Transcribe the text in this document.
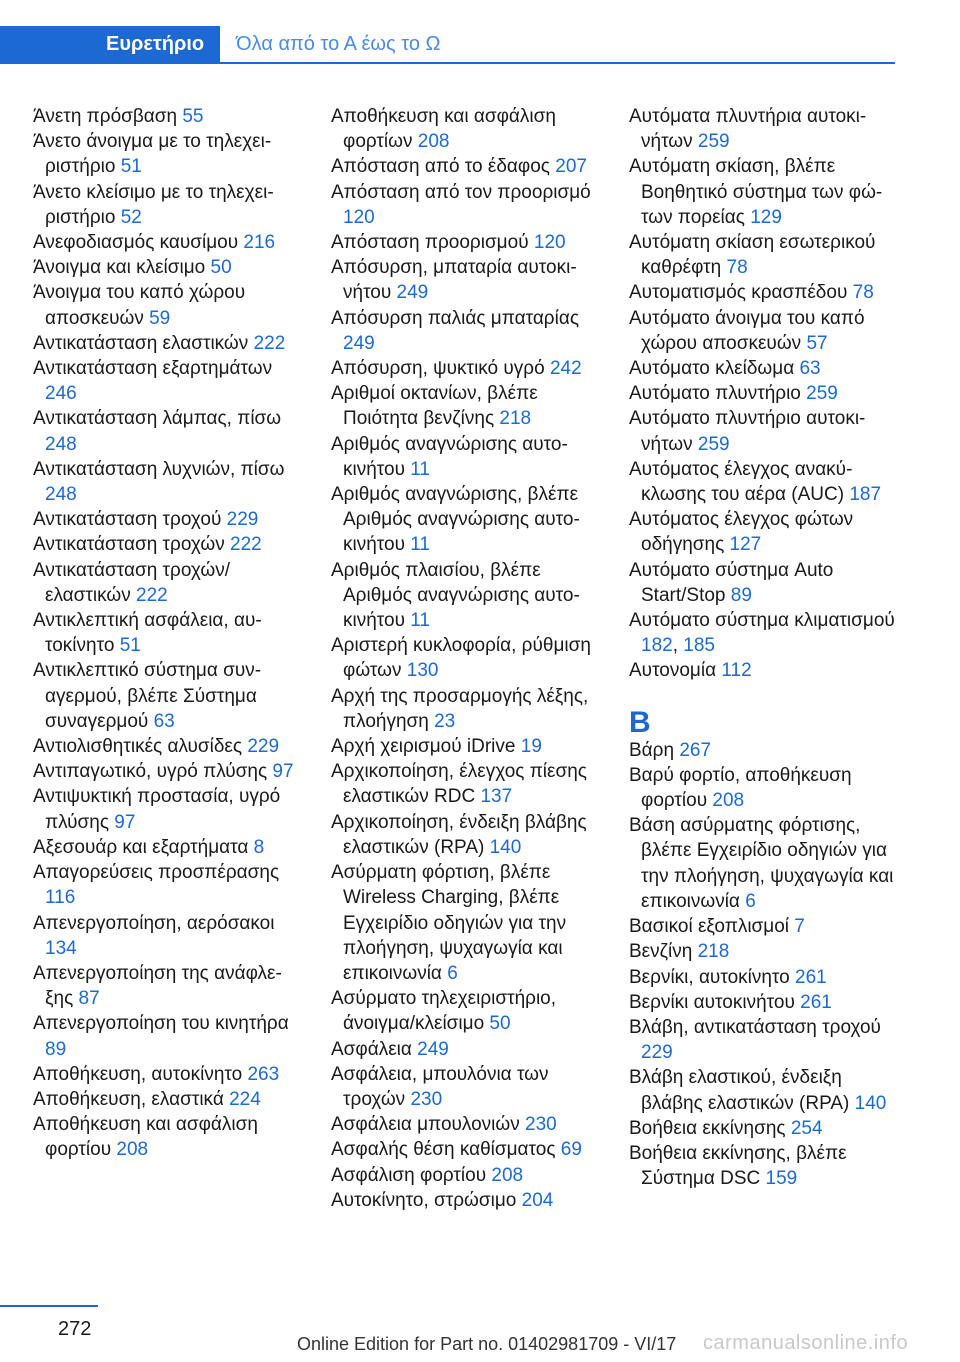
Ευρετήριο	Όλα από το Α έως το Ω
Άνετη πρόσβαση 55
Άνετο άνοιγμα με το τηλεχειριστήριο 51
Άνετο κλείσιμο με το τηλεχειριστήριο 52
Ανεφοδιασμός καυσίμου 216
Άνοιγμα και κλείσιμο 50
Άνοιγμα του καπό χώρου αποσκευών 59
Αντικατάσταση ελαστικών 222
Αντικατάσταση εξαρτημάτων 246
Αντικατάσταση λάμπας, πίσω 248
Αντικατάσταση λυχνιών, πίσω 248
Αντικατάσταση τροχού 229
Αντικατάσταση τροχών 222
Αντικατάσταση τροχών/ ελαστικών 222
Αντικλεπτική ασφάλεια, αυτοκίνητο 51
Αντικλεπτικό σύστημα συναγερμού, βλέπε Σύστημα συναγερμού 63
Αντιολισθητικές αλυσίδες 229
Αντιπαγωτικό, υγρό πλύσης 97
Αντιψυκτική προστασία, υγρό πλύσης 97
Αξεσουάρ και εξαρτήματα 8
Απαγορεύσεις προσπέρασης 116
Απενεργοποίηση, αερόσακοι 134
Απενεργοποίηση της ανάφλεξης 87
Απενεργοποίηση του κινητήρα 89
Αποθήκευση, αυτοκίνητο 263
Αποθήκευση, ελαστικά 224
Αποθήκευση και ασφάλιση φορτίου 208
Αποθήκευση και ασφάλιση φορτίων 208
Απόσταση από το έδαφος 207
Απόσταση από τον προορισμό 120
Απόσταση προορισμού 120
Απόσυρση, μπαταρία αυτοκινήτου 249
Απόσυρση παλιάς μπαταρίας 249
Απόσυρση, ψυκτικό υγρό 242
Αριθμοί οκτανίων, βλέπε Ποιότητα βενζίνης 218
Αριθμός αναγνώρισης αυτοκινήτου 11
Αριθμός αναγνώρισης, βλέπε Αριθμός αναγνώρισης αυτοκινήτου 11
Αριθμός πλαισίου, βλέπε Αριθμός αναγνώρισης αυτοκινήτου 11
Αριστερή κυκλοφορία, ρύθμιση φώτων 130
Αρχή της προσαρμογής λέξης, πλοήγηση 23
Αρχή χειρισμού iDrive 19
Αρχικοποίηση, έλεγχος πίεσης ελαστικών RDC 137
Αρχικοποίηση, ένδειξη βλάβης ελαστικών (RPA) 140
Ασύρματη φόρτιση, βλέπε Wireless Charging, βλέπε Εγχειρίδιο οδηγιών για την πλοήγηση, ψυχαγωγία και επικοινωνία 6
Ασύρματο τηλεχειριστήριο, άνοιγμα/κλείσιμο 50
Ασφάλεια 249
Ασφάλεια, μπουλόνια των τροχών 230
Ασφάλεια μπουλονιών 230
Ασφαλής θέση καθίσματος 69
Ασφάλιση φορτίου 208
Αυτοκίνητο, στρώσιμο 204
Αυτόματα πλυντήρια αυτοκινήτων 259
Αυτόματη σκίαση, βλέπε Βοηθητικό σύστημα των φώτων πορείας 129
Αυτόματη σκίαση εσωτερικού καθρέφτη 78
Αυτοματισμός κρασπέδου 78
Αυτόματο άνοιγμα του καπό χώρου αποσκευών 57
Αυτόματο κλείδωμα 63
Αυτόματο πλυντήριο 259
Αυτόματο πλυντήριο αυτοκινήτων 259
Αυτόματος έλεγχος ανακύκλωσης του αέρα (AUC) 187
Αυτόματος έλεγχος φώτων οδήγησης 127
Αυτόματο σύστημα Auto Start/Stop 89
Αυτόματο σύστημα κλιματισμού 182, 185
Αυτονομία 112
B
Βάρη 267
Βαρύ φορτίο, αποθήκευση φορτίου 208
Βάση ασύρματης φόρτισης, βλέπε Εγχειρίδιο οδηγιών για την πλοήγηση, ψυχαγωγία και επικοινωνία 6
Βασικοί εξοπλισμοί 7
Βενζίνη 218
Βερνίκι, αυτοκίνητο 261
Βερνίκι αυτοκινήτου 261
Βλάβη, αντικατάσταση τροχού 229
Βλάβη ελαστικού, ένδειξη βλάβης ελαστικών (RPA) 140
Βοήθεια εκκίνησης 254
Βοήθεια εκκίνησης, βλέπε Σύστημα DSC 159
272
Online Edition for Part no. 01402981709 - VI/17 carmanualsonline.info
